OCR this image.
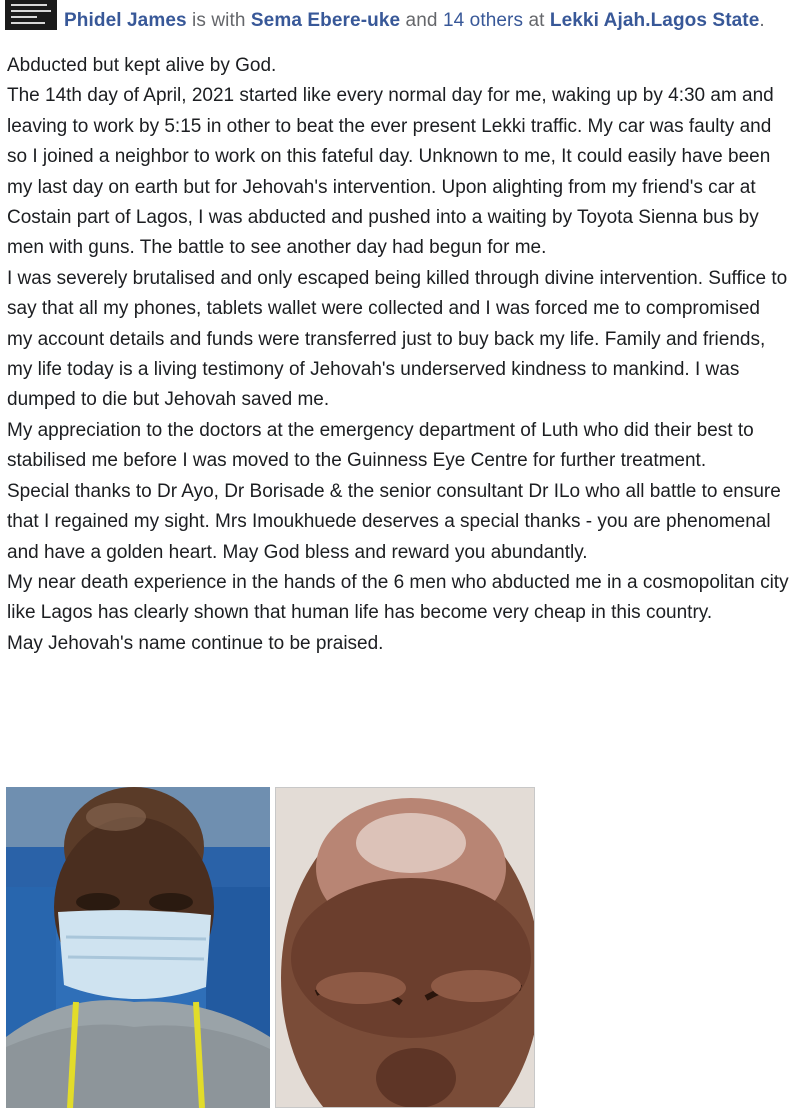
Phidel James is with Sema Ebere-uke and 14 others at Lekki Ajah.Lagos State.

Abducted but kept alive by God.

The 14th day of April, 2021 started like every normal day for me, waking up by 4:30 am and leaving to work by 5:15 in other to beat the ever present Lekki traffic. My car was faulty and so I joined a neighbor to work on this fateful day. Unknown to me, It could easily have been my last day on earth but for Jehovah's intervention. Upon alighting from my friend's car at Costain part of Lagos, I was abducted and pushed into a waiting by Toyota Sienna bus by men with guns. The battle to see another day had begun for me.

I was severely brutalised and only escaped being killed through divine intervention. Suffice to say that all my phones, tablets wallet were collected and I was forced me to compromised my account details and funds were transferred just to buy back my life. Family and friends, my life today is a living testimony of Jehovah's underserved kindness to mankind. I was dumped to die but Jehovah saved me.

My appreciation to the doctors at the emergency department of Luth who did their best to stabilised me before I was moved to the Guinness Eye Centre for further treatment.

Special thanks to Dr Ayo, Dr Borisade & the senior consultant Dr ILo who all battle to ensure that I regained my sight. Mrs Imoukhuede deserves a special thanks - you are phenomenal and have a golden heart. May God bless and reward you abundantly.

My near death experience in the hands of the 6 men who abducted me in a cosmopolitan city like Lagos has clearly shown that human life has become very cheap in this country.

May Jehovah's name continue to be praised.
